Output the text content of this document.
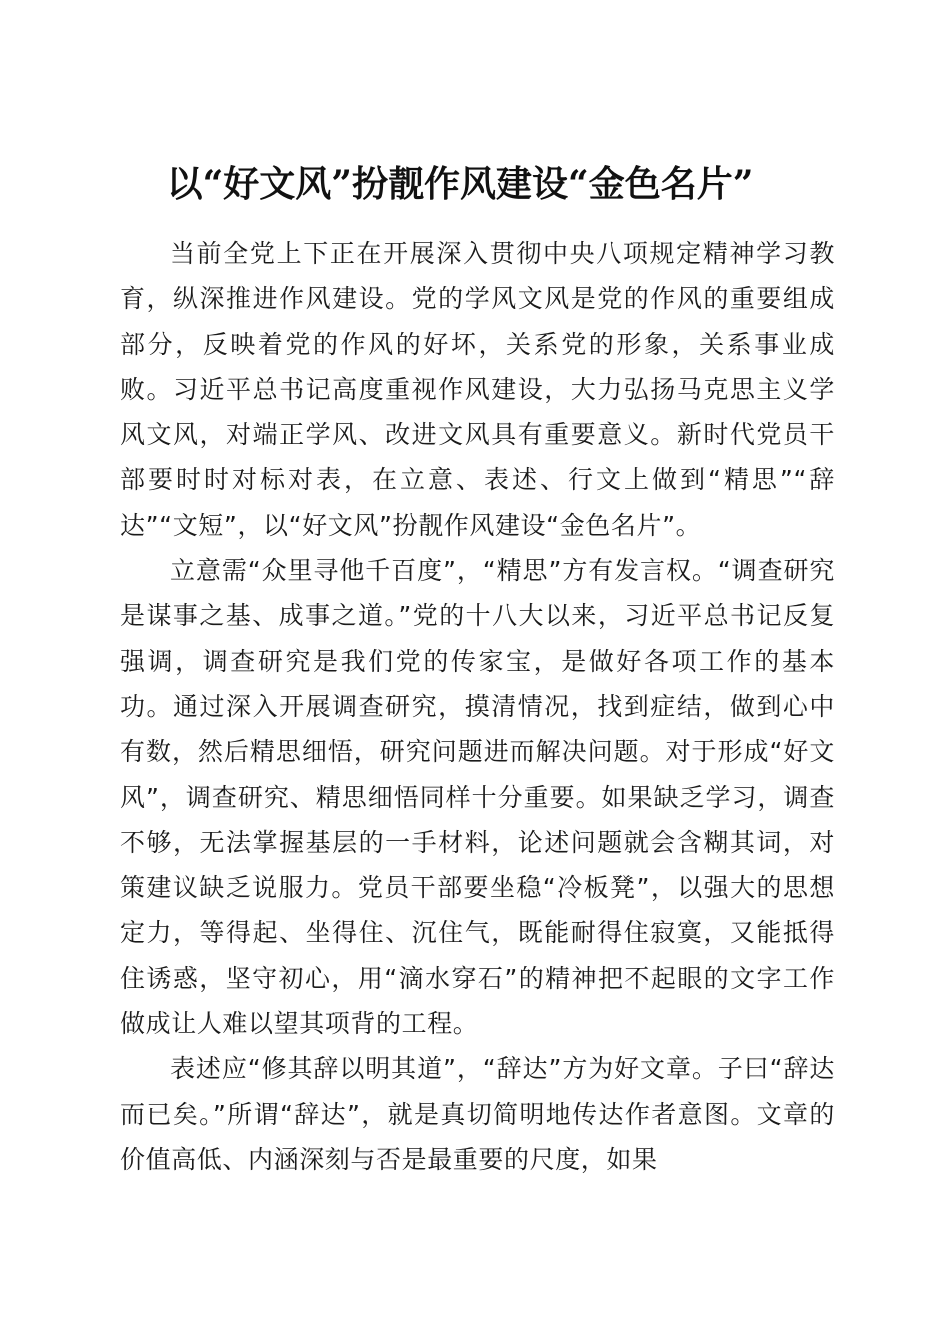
以“好文风”扮靓作风建设“金色名片”

当前全党上下正在开展深入贯彻中央八项规定精神学习教育，纵深推进作风建设。党的学风文风是党的作风的重要组成部分，反映着党的作风的好坏，关系党的形象，关系事业成败。习近平总书记高度重视作风建设，大力弘扬马克思主义学风文风，对端正学风、改进文风具有重要意义。新时代党员干部要时时对标对表，在立意、表述、行文上做到“精思”“辞达”“文短”，以“好文风”扮靓作风建设“金色名片”。

立意需“众里寻他千百度”，“精思”方有发言权。“调查研究是谋事之基、成事之道。”党的十八大以来，习近平总书记反复强调，调查研究是我们党的传家宝，是做好各项工作的基本功。通过深入开展调查研究，摸清情况，找到症结，做到心中有数，然后精思细悟，研究问题进而解决问题。对于形成“好文风”，调查研究、精思细悟同样十分重要。如果缺乏学习，调查不够，无法掌握基层的一手材料，论述问题就会含糊其词，对策建议缺乏说服力。党员干部要坐稳“冷板凳”，以强大的思想定力，等得起、坐得住、沉住气，既能耐得住寂寞，又能抵得住诱惑，坚守初心，用“滴水穿石”的精神把不起眼的文字工作做成让人难以望其项背的工程。

表述应“修其辞以明其道”，“辞达”方为好文章。子曰“辞达而已矣。”所谓“辞达”，就是真切简明地传达作者意图。文章的价值高低、内涵深刻与否是最重要的尺度，如果
